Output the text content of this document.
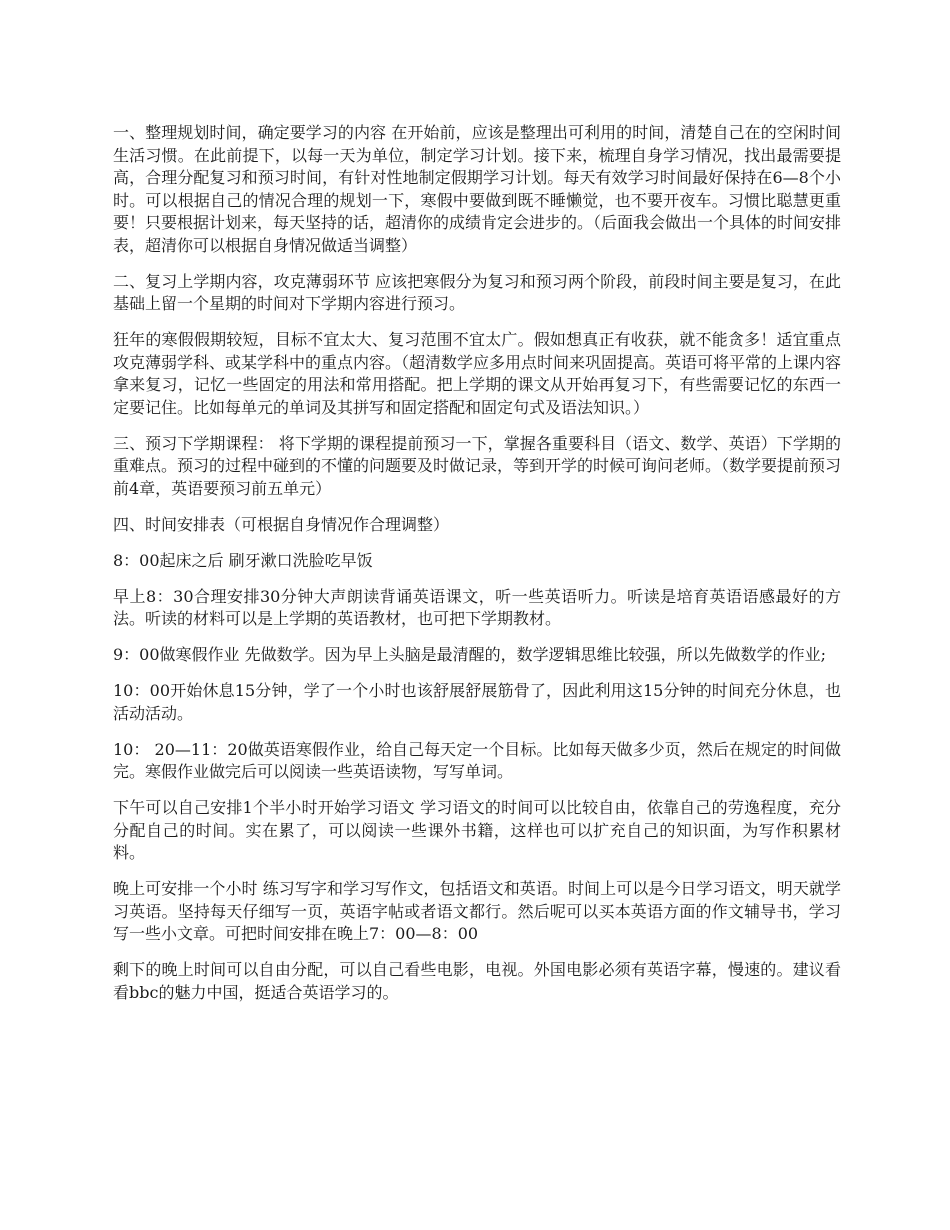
一、整理规划时间，确定要学习的内容 在开始前，应该是整理出可利用的时间，清楚自己在的空闲时间生活习惯。在此前提下，以每一天为单位，制定学习计划。接下来，梳理自身学习情况，找出最需要提高，合理分配复习和预习时间，有针对性地制定假期学习计划。每天有效学习时间最好保持在6—8个小时。可以根据自己的情况合理的规划一下，寒假中要做到既不睡懒觉，也不要开夜车。习惯比聪慧更重要！只要根据计划来，每天坚持的话，超清你的成绩肯定会进步的。（后面我会做出一个具体的时间安排表，超清你可以根据自身情况做适当调整）

二、复习上学期内容，攻克薄弱环节 应该把寒假分为复习和预习两个阶段，前段时间主要是复习，在此基础上留一个星期的时间对下学期内容进行预习。

狂年的寒假假期较短，目标不宜太大、复习范围不宜太广。假如想真正有收获，就不能贪多！适宜重点攻克薄弱学科、或某学科中的重点内容。（超清数学应多用点时间来巩固提高。英语可将平常的上课内容拿来复习，记忆一些固定的用法和常用搭配。把上学期的课文从开始再复习下，有些需要记忆的东西一定要记住。比如每单元的单词及其拼写和固定搭配和固定句式及语法知识。）

三、预习下学期课程： 将下学期的课程提前预习一下，掌握各重要科目（语文、数学、英语）下学期的重难点。预习的过程中碰到的不懂的问题要及时做记录，等到开学的时候可询问老师。（数学要提前预习前4章，英语要预习前五单元）

四、时间安排表（可根据自身情况作合理调整）

8：00起床之后 刷牙漱口洗脸吃早饭

早上8：30合理安排30分钟大声朗读背诵英语课文，听一些英语听力。听读是培育英语语感最好的方法。听读的材料可以是上学期的英语教材，也可把下学期教材。

9：00做寒假作业 先做数学。因为早上头脑是最清醒的，数学逻辑思维比较强，所以先做数学的作业;

10：00开始休息15分钟，学了一个小时也该舒展舒展筋骨了，因此利用这15分钟的时间充分休息，也活动活动。

10： 20—11：20做英语寒假作业，给自己每天定一个目标。比如每天做多少页，然后在规定的时间做完。寒假作业做完后可以阅读一些英语读物，写写单词。

下午可以自己安排1个半小时开始学习语文 学习语文的时间可以比较自由，依靠自己的劳逸程度，充分分配自己的时间。实在累了，可以阅读一些课外书籍，这样也可以扩充自己的知识面，为写作积累材料。

晚上可安排一个小时 练习写字和学习写作文，包括语文和英语。时间上可以是今日学习语文，明天就学习英语。坚持每天仔细写一页，英语字帖或者语文都行。然后呢可以买本英语方面的作文辅导书，学习写一些小文章。可把时间安排在晚上7：00—8：00

剩下的晚上时间可以自由分配，可以自己看些电影，电视。外国电影必须有英语字幕，慢速的。建议看看bbc的魅力中国，挺适合英语学习的。
